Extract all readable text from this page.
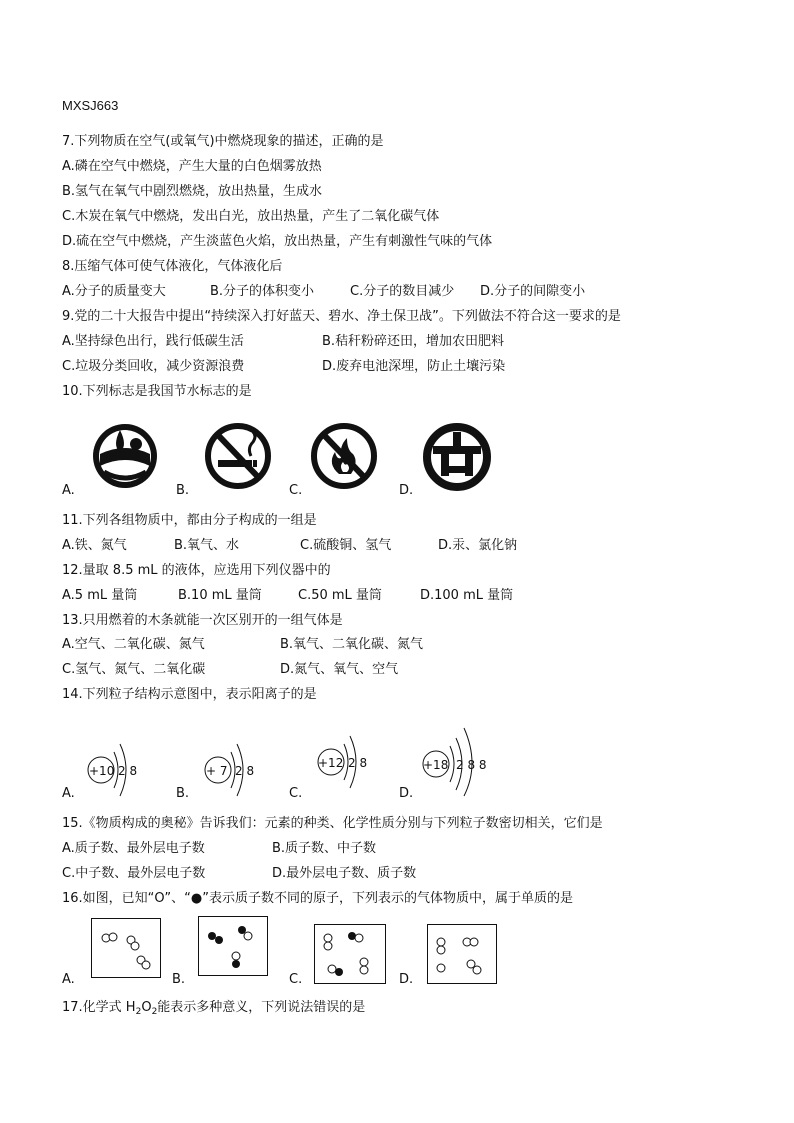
MXSJ663
7.下列物质在空气(或氧气)中燃烧现象的描述，正确的是
A.磷在空气中燃烧，产生大量的白色烟雾放热
B.氢气在氧气中剧烈燃烧，放出热量，生成水
C.木炭在氧气中燃烧，发出白光，放出热量，产生了二氧化碳气体
D.硫在空气中燃烧，产生淡蓝色火焰，放出热量，产生有刺激性气味的气体
8.压缩气体可使气体液化，气体液化后
A.分子的质量变大	B.分子的体积变小	C.分子的数目减少 D.分子的间隙变小
9.党的二十大报告中提出“持续深入打好蓝天、碧水、净土保卫战”。下列做法不符合这一要求的是
A.坚持绿色出行，践行低碳生活	B.秸秆粉碎还田，增加农田肥料
C.垃圾分类回收，减少资源浪费	D.废弃电池深埋，防止土壤污染
10.下列标志是我国节水标志的是
A.	B.	C.	D.
11.下列各组物质中，都由分子构成的一组是
A.铁、氮气	B.氧气、水	C.硫酸铜、氢气	D.汞、氯化钠
12.量取 8.5 mL 的液体，应选用下列仪器中的
A.5 mL 量筒	B.10 mL 量筒	C.50 mL 量筒	D.100 mL 量筒
13.只用燃着的木条就能一次区别开的一组气体是
A.空气、二氧化碳、氮气	B.氧气、二氧化碳、氮气
C.氢气、氮气、二氧化碳	D.氮气、氧气、空气
14.下列粒子结构示意图中，表示阳离子的是
+10 2 8
A.
+ 7 2 8
B.
+12 2 8
C.
+18 2 8 8
D.
15.《物质构成的奥秘》告诉我们：元素的种类、化学性质分别与下列粒子数密切相关，它们是
A.质子数、最外层电子数	B.质子数、中子数
C.中子数、最外层电子数	D.最外层电子数、质子数
16.如图，已知“O”、“●”表示质子数不同的原子，下列表示的气体物质中，属于单质的是
A.	B.	C.	D.
17.化学式 $H_2O_2$能表示多种意义，下列说法错误的是
